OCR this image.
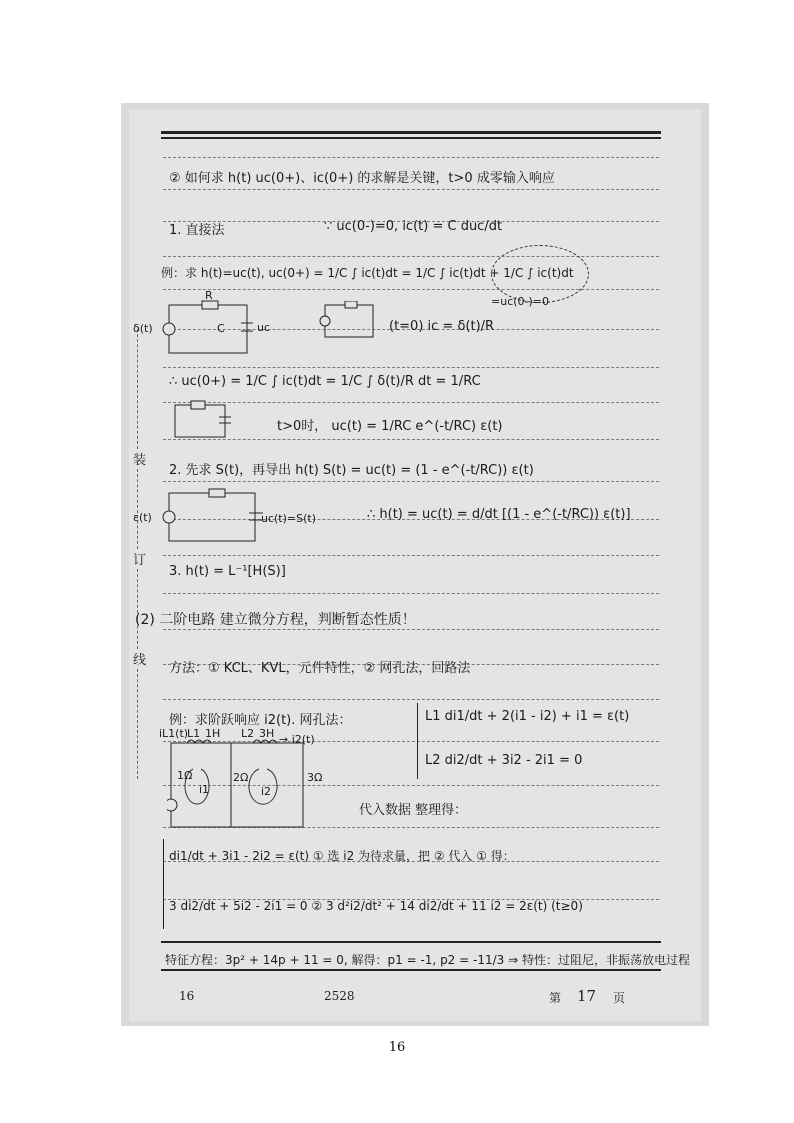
装
订
线
② 如何求 h(t) uc(0+)、ic(0+) 的求解是关键，t>0 成零输入响应
1. 直接法	∵ uc(0-)=0, ic(t) = C duc/dt
例：求 h(t)=uc(t), uc(0+) = 1/C ∫ ic(t)dt = 1/C ∫ ic(t)dt + 1/C ∫ ic(t)dt
=uc(0-)=0
(t=0) ic = δ(t)/R
∴ uc(0+) = 1/C ∫ ic(t)dt = 1/C ∫ δ(t)/R dt = 1/RC
t>0时， uc(t) = 1/RC e^(-t/RC) ε(t)
2. 先求 S(t)，再导出 h(t) S(t) = uc(t) = (1 - e^(-t/RC)) ε(t)
∴ h(t) = uc(t) = d/dt [(1 - e^(-t/RC)) ε(t)]
3. h(t) = L⁻¹[H(S)]
(2) 二阶电路 建立微分方程，判断暂态性质！
方法：① KCL、KVL，元件特性，② 网孔法，回路法
例：求阶跃响应 i2(t). 网孔法：	L1 di1/dt + 2(i1 - i2) + i1 = ε(t)
L2 di2/dt + 3i2 - 2i1 = 0
代入数据 整理得：
di1/dt + 3i1 - 2i2 = ε(t) ① 选 i2 为待求量，把 ② 代入 ① 得：
3 di2/dt + 5i2 - 2i1 = 0 ② 3 d²i2/dt² + 14 di2/dt + 11 i2 = 2ε(t) (t≥0)
特征方程：3p² + 14p + 11 = 0, 解得：p1 = -1, p2 = -11/3 ⇒ 特性：过阻尼，非振荡放电过程
R
C	uc
δ(t)
ε(t)	uc(t)=S(t)
iL1(t)
L1 1H L2 3H → i2(t)
1Ω	2Ω	3Ω
i1	i2
16	2528	第 17 页
16
